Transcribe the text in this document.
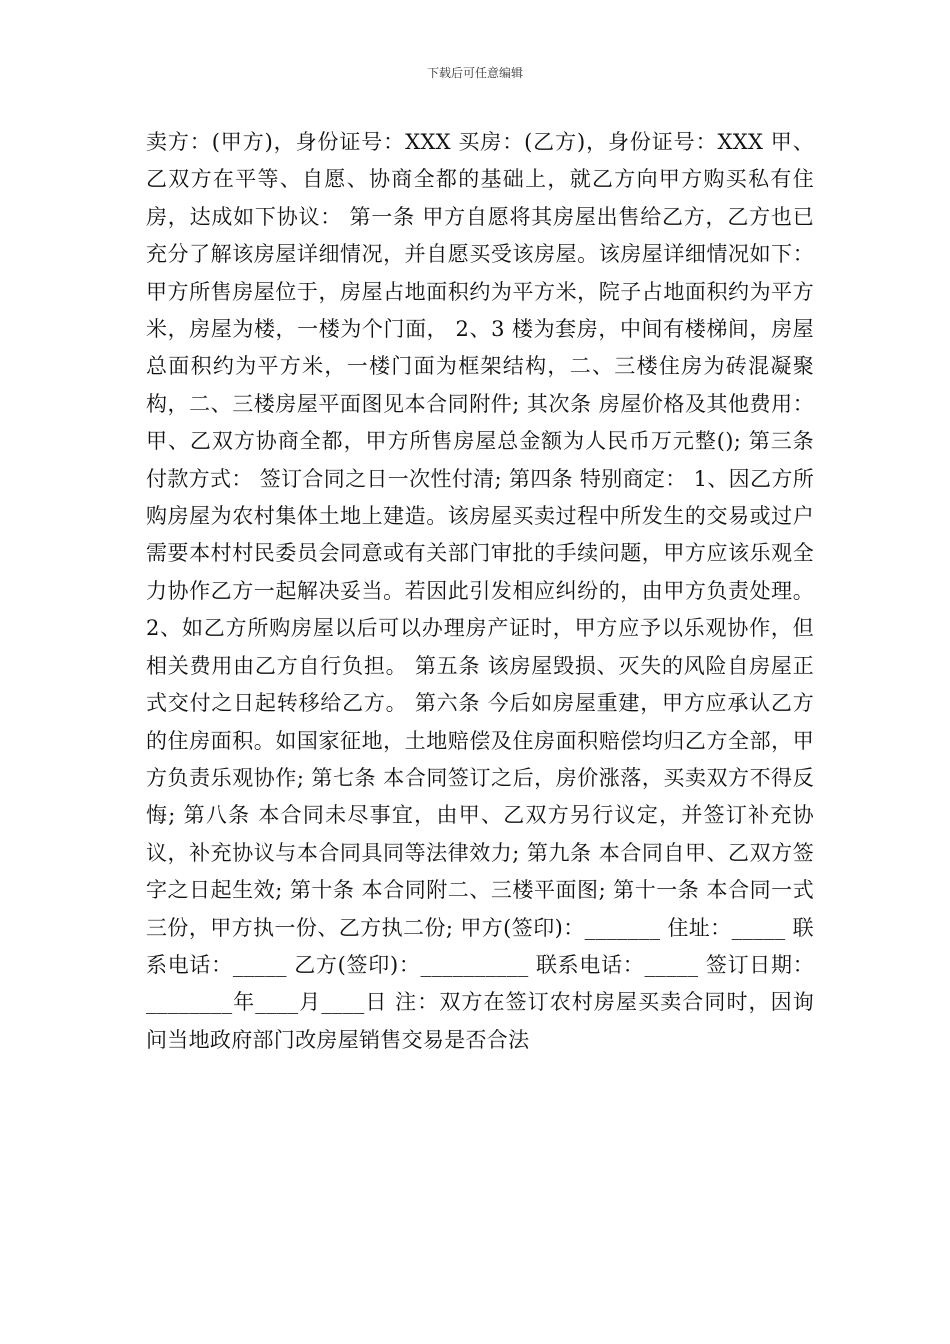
下载后可任意编辑

卖方：(甲方)，身份证号：XXX 买房：(乙方)，身份证号：XXX 甲、乙双方在平等、自愿、协商全都的基础上，就乙方向甲方购买私有住房，达成如下协议： 第一条 甲方自愿将其房屋出售给乙方，乙方也已充分了解该房屋详细情况，并自愿买受该房屋。该房屋详细情况如下： 甲方所售房屋位于，房屋占地面积约为平方米，院子占地面积约为平方米，房屋为楼，一楼为个门面， 2、3 楼为套房，中间有楼梯间，房屋总面积约为平方米，一楼门面为框架结构，二、三楼住房为砖混凝聚构，二、三楼房屋平面图见本合同附件; 其次条 房屋价格及其他费用： 甲、乙双方协商全都，甲方所售房屋总金额为人民币万元整(); 第三条 付款方式： 签订合同之日一次性付清; 第四条 特别商定： 1、因乙方所购房屋为农村集体土地上建造。该房屋买卖过程中所发生的交易或过户需要本村村民委员会同意或有关部门审批的手续问题，甲方应该乐观全力协作乙方一起解决妥当。若因此引发相应纠纷的，由甲方负责处理。 2、如乙方所购房屋以后可以办理房产证时，甲方应予以乐观协作，但相关费用由乙方自行负担。 第五条 该房屋毁损、灭失的风险自房屋正式交付之日起转移给乙方。 第六条 今后如房屋重建，甲方应承认乙方的住房面积。如国家征地，土地赔偿及住房面积赔偿均归乙方全部，甲方负责乐观协作; 第七条 本合同签订之后，房价涨落，买卖双方不得反悔; 第八条 本合同未尽事宜，由甲、乙双方另行议定，并签订补充协议，补充协议与本合同具同等法律效力; 第九条 本合同自甲、乙双方签字之日起生效; 第十条 本合同附二、三楼平面图; 第十一条 本合同一式三份，甲方执一份、乙方执二份; 甲方(签印)：_______ 住址：_____ 联系电话：_____ 乙方(签印)：__________ 联系电话：_____ 签订日期：________年____月____日 注：双方在签订农村房屋买卖合同时，因询问当地政府部门改房屋销售交易是否合法
